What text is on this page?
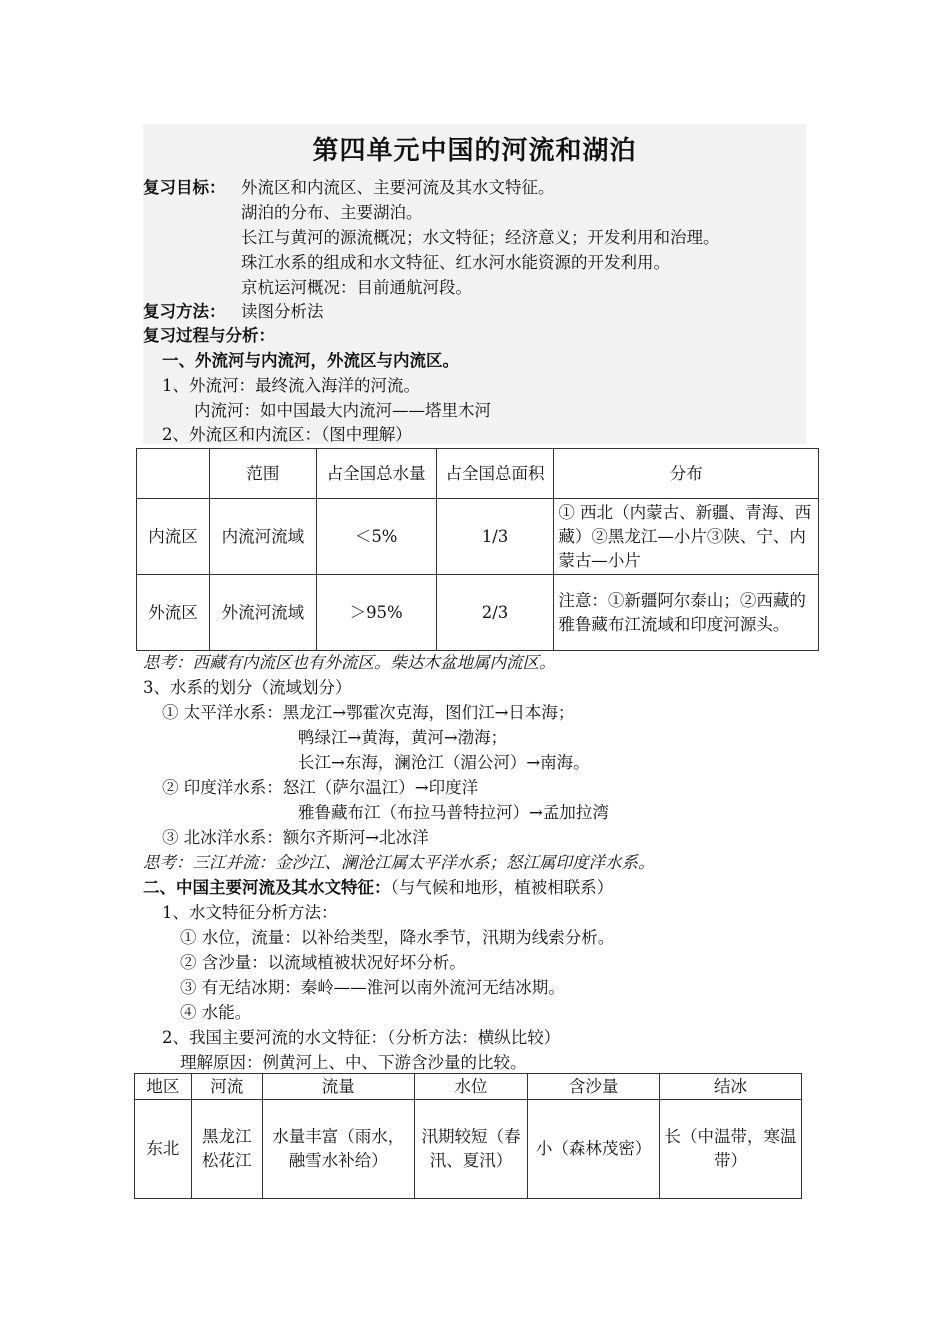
第四单元中国的河流和湖泊
复习目标： 外流区和内流区、主要河流及其水文特征。
湖泊的分布、主要湖泊。
长江与黄河的源流概况；水文特征；经济意义；开发利用和治理。
珠江水系的组成和水文特征、红水河水能资源的开发利用。
京杭运河概况：目前通航河段。
复习方法： 读图分析法
复习过程与分析：
一、外流河与内流河，外流区与内流区。
1、外流河：最终流入海洋的河流。
内流河：如中国最大内流河——塔里木河
2、外流区和内流区：（图中理解）
	范围	占全国总水量	占全国总面积	分布
内流区	内流河流域	＜5%	1/3	① 西北（内蒙古、新疆、青海、西藏）②黑龙江—小片③陕、宁、内蒙古—小片
外流区	外流河流域	＞95%	2/3	注意：①新疆阿尔泰山；②西藏的雅鲁藏布江流域和印度河源头。
思考：西藏有内流区也有外流区。柴达木盆地属内流区。
3、水系的划分（流域划分）
① 太平洋水系：黑龙江→鄂霍次克海，图们江→日本海；
鸭绿江→黄海，黄河→渤海；
长江→东海，澜沧江（湄公河）→南海。
② 印度洋水系：怒江（萨尔温江）→印度洋
雅鲁藏布江（布拉马普特拉河）→孟加拉湾
③ 北冰洋水系：额尔齐斯河→北冰洋
思考：三江并流：金沙江、澜沧江属太平洋水系；怒江属印度洋水系。
二、中国主要河流及其水文特征：（与气候和地形，植被相联系）
1、水文特征分析方法：
① 水位，流量：以补给类型，降水季节，汛期为线索分析。
② 含沙量：以流域植被状况好坏分析。
③ 有无结冰期：秦岭——淮河以南外流河无结冰期。
④ 水能。
2、我国主要河流的水文特征：（分析方法：横纵比较）
理解原因：例黄河上、中、下游含沙量的比较。
地区	河流	流量	水位	含沙量	结冰
东北	黑龙江松花江	水量丰富（雨水，融雪水补给）	汛期较短（春汛、夏汛）	小（森林茂密）	长（中温带，寒温带）
